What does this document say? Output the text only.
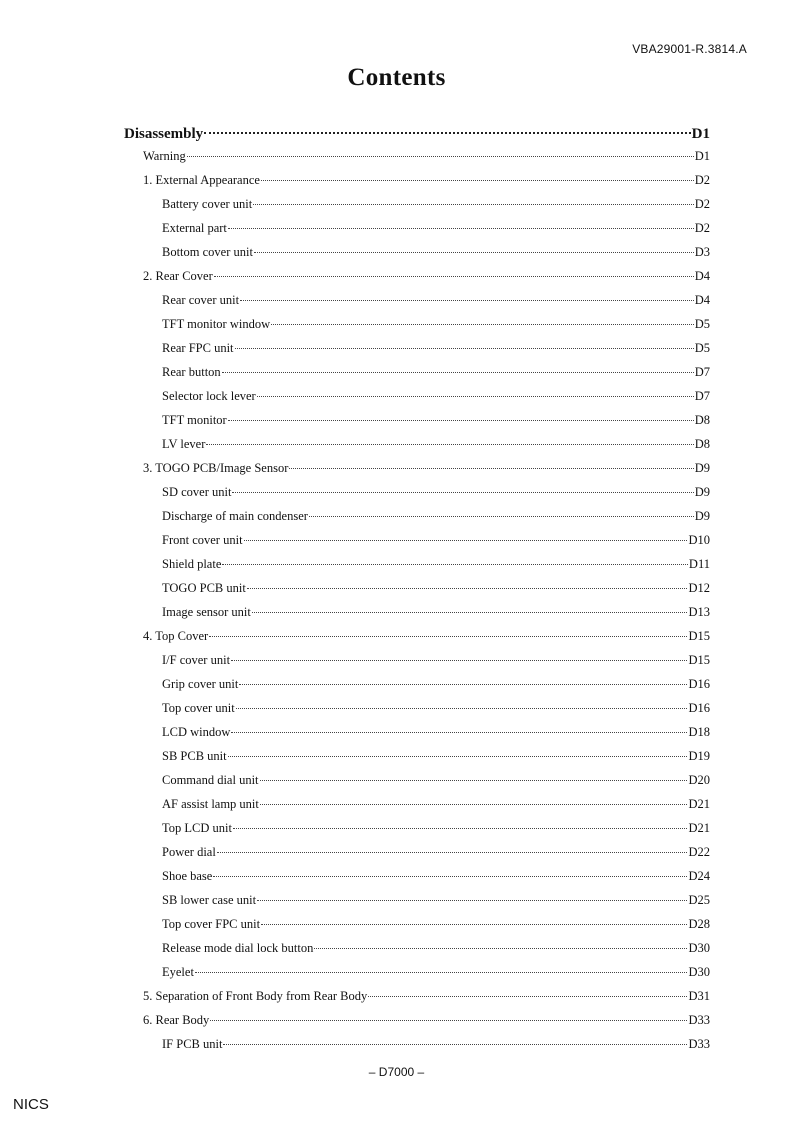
VBA29001-R.3814.A
Contents
Disassembly	D1
Warning	D1
1. External Appearance	D2
Battery cover unit	D2
External part	D2
Bottom cover unit	D3
2. Rear Cover	D4
Rear cover unit	D4
TFT monitor window	D5
Rear FPC unit	D5
Rear button	D7
Selector lock lever	D7
TFT monitor	D8
LV lever	D8
3. TOGO PCB/Image Sensor	D9
SD cover unit	D9
Discharge of main condenser	D9
Front cover unit	D10
Shield plate	D11
TOGO PCB unit	D12
Image sensor unit	D13
4. Top Cover	D15
I/F cover unit	D15
Grip cover unit	D16
Top cover unit	D16
LCD window	D18
SB PCB unit	D19
Command dial unit	D20
AF assist lamp unit	D21
Top LCD unit	D21
Power dial	D22
Shoe base	D24
SB lower case unit	D25
Top cover FPC unit	D28
Release mode dial lock button	D30
Eyelet	D30
5. Separation of Front Body from Rear Body	D31
6. Rear Body	D33
IF PCB unit	D33
– D7000 –
NICS
